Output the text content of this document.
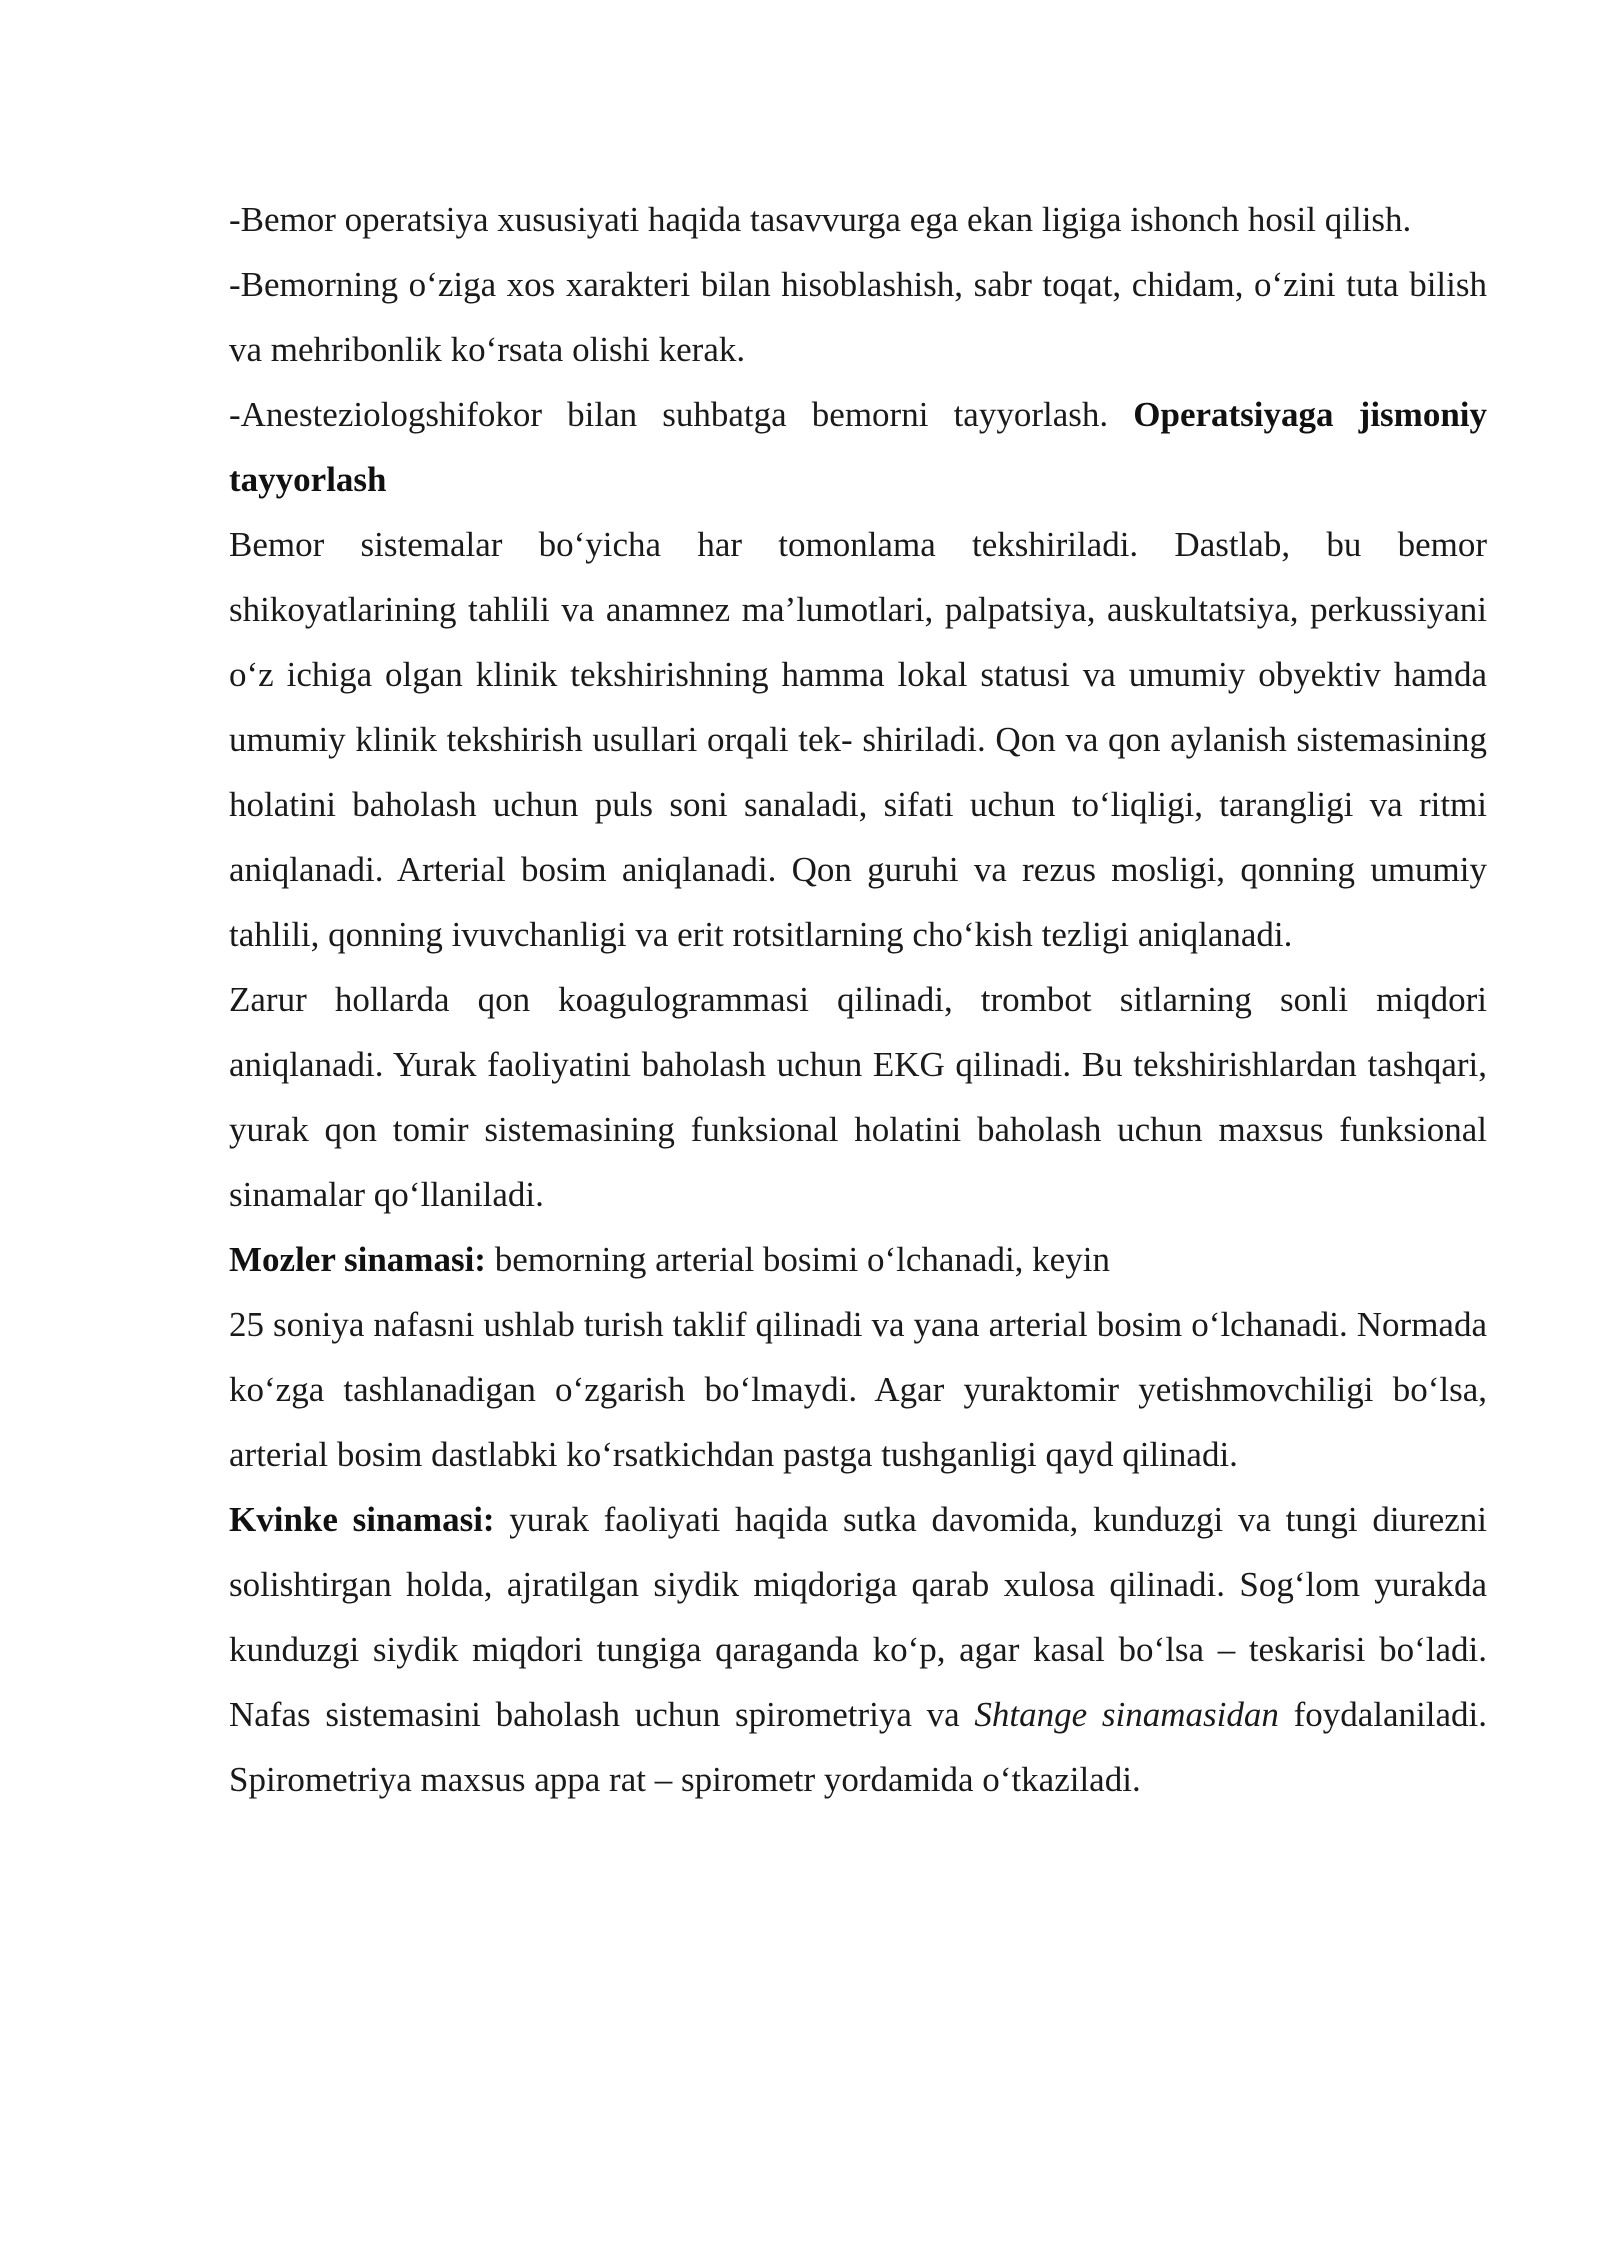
-Bemor operatsiya xususiyati haqida tasavvurga ega ekan ligiga ishonch hosil qilish.

-Bemorning o‘ziga xos xarakteri bilan hisoblashish, sabr toqat, chidam, o‘zini tuta bilish va mehribonlik ko‘rsata olishi kerak.

-Anesteziologshifokor bilan suhbatga bemorni tayyorlash. Operatsiyaga jismoniy tayyorlash

Bemor sistemalar bo‘yicha har tomonlama tekshiriladi. Dastlab, bu bemor shikoyatlarining tahlili va anamnez ma’lumotlari, palpatsiya, auskultatsiya, perkussiyani o‘z ichiga olgan klinik tekshirishning hamma lokal statusi va umumiy obyektiv hamda umumiy klinik tekshirish usullari orqali tek- shiriladi. Qon va qon aylanish sistemasining holatini baholash uchun puls soni sanaladi, sifati uchun to‘liqligi, tarangligi va ritmi aniqlanadi. Arterial bosim aniqlanadi. Qon guruhi va rezus mosligi, qonning umumiy tahlili, qonning ivuvchanligi va erit rotsitlarning cho‘kish tezligi aniqlanadi.

Zarur hollarda qon koagulogrammasi qilinadi, trombot sitlarning sonli miqdori aniqlanadi. Yurak faoliyatini baholash uchun EKG qilinadi. Bu tekshirishlardan tashqari, yurak qon tomir sistemasining funksional holatini baholash uchun maxsus funksional sinamalar qo‘llaniladi.

Mozler sinamasi: bemorning arterial bosimi o‘lchanadi, keyin

25 soniya nafasni ushlab turish taklif qilinadi va yana arterial bosim o‘lchanadi. Normada ko‘zga tashlanadigan o‘zgarish bo‘lmaydi. Agar yuraktomir yetishmovchiligi bo‘lsa, arterial bosim dastlabki ko‘rsatkichdan pastga tushganligi qayd qilinadi.

Kvinke sinamasi: yurak faoliyati haqida sutka davomida, kunduzgi va tungi diurezni solishtirgan holda, ajratilgan siydik miqdoriga qarab xulosa qilinadi. Sog‘lom yurakda kunduzgi siydik miqdori tungiga qaraganda ko‘p, agar kasal bo‘lsa – teskarisi bo‘ladi. Nafas sistemasini baholash uchun spirometriya va Shtange sinamasidan foydalaniladi. Spirometriya maxsus appa rat – spirometr yordamida o‘tkaziladi.
